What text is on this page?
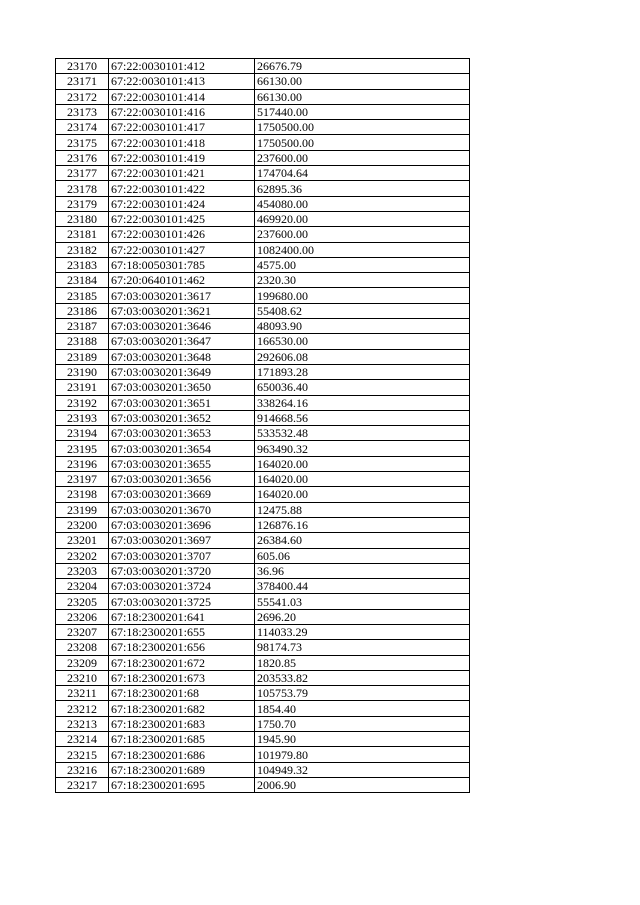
23170	67:22:0030101:412	26676.79
23171	67:22:0030101:413	66130.00
23172	67:22:0030101:414	66130.00
23173	67:22:0030101:416	517440.00
23174	67:22:0030101:417	1750500.00
23175	67:22:0030101:418	1750500.00
23176	67:22:0030101:419	237600.00
23177	67:22:0030101:421	174704.64
23178	67:22:0030101:422	62895.36
23179	67:22:0030101:424	454080.00
23180	67:22:0030101:425	469920.00
23181	67:22:0030101:426	237600.00
23182	67:22:0030101:427	1082400.00
23183	67:18:0050301:785	4575.00
23184	67:20:0640101:462	2320.30
23185	67:03:0030201:3617	199680.00
23186	67:03:0030201:3621	55408.62
23187	67:03:0030201:3646	48093.90
23188	67:03:0030201:3647	166530.00
23189	67:03:0030201:3648	292606.08
23190	67:03:0030201:3649	171893.28
23191	67:03:0030201:3650	650036.40
23192	67:03:0030201:3651	338264.16
23193	67:03:0030201:3652	914668.56
23194	67:03:0030201:3653	533532.48
23195	67:03:0030201:3654	963490.32
23196	67:03:0030201:3655	164020.00
23197	67:03:0030201:3656	164020.00
23198	67:03:0030201:3669	164020.00
23199	67:03:0030201:3670	12475.88
23200	67:03:0030201:3696	126876.16
23201	67:03:0030201:3697	26384.60
23202	67:03:0030201:3707	605.06
23203	67:03:0030201:3720	36.96
23204	67:03:0030201:3724	378400.44
23205	67:03:0030201:3725	55541.03
23206	67:18:2300201:641	2696.20
23207	67:18:2300201:655	114033.29
23208	67:18:2300201:656	98174.73
23209	67:18:2300201:672	1820.85
23210	67:18:2300201:673	203533.82
23211	67:18:2300201:68	105753.79
23212	67:18:2300201:682	1854.40
23213	67:18:2300201:683	1750.70
23214	67:18:2300201:685	1945.90
23215	67:18:2300201:686	101979.80
23216	67:18:2300201:689	104949.32
23217	67:18:2300201:695	2006.90
